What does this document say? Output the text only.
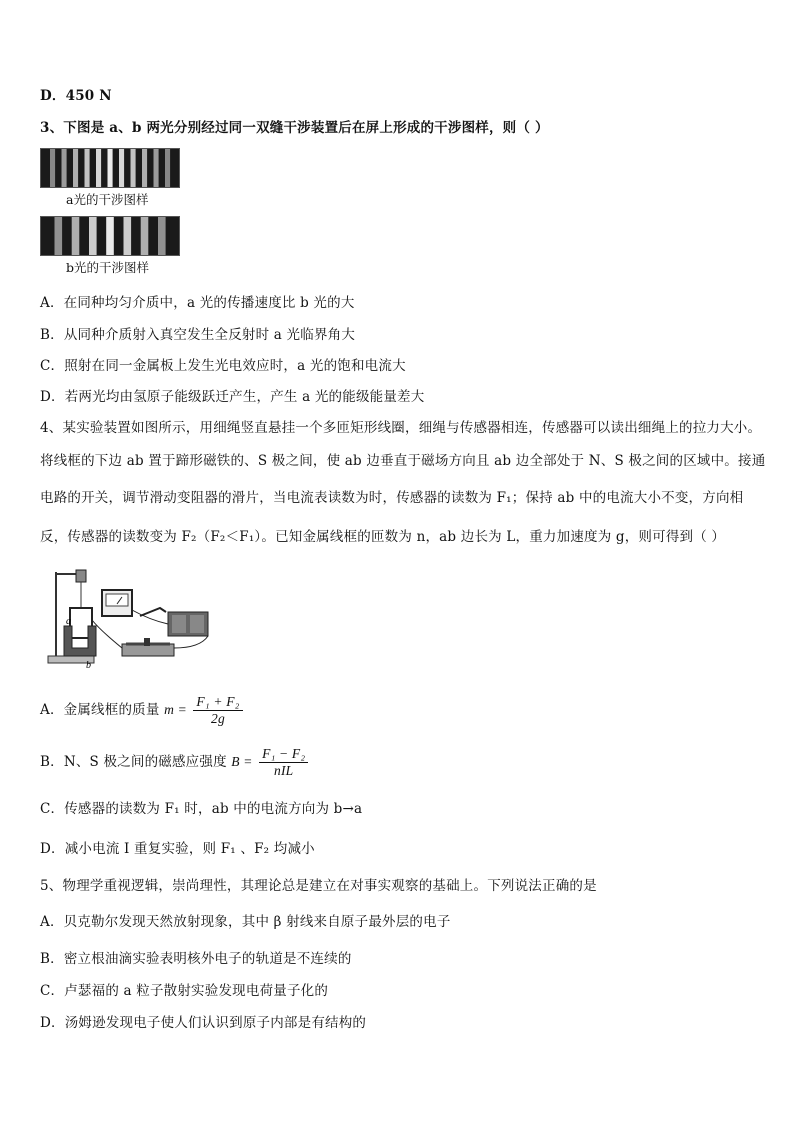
D．450 N
3、下图是 a、b 两光分别经过同一双缝干涉装置后在屏上形成的干涉图样，则（ ）
a光的干涉图样
b光的干涉图样
A．在同种均匀介质中，a 光的传播速度比 b 光的大
B．从同种介质射入真空发生全反射时 a 光临界角大
C．照射在同一金属板上发生光电效应时，a 光的饱和电流大
D．若两光均由氢原子能级跃迁产生，产生 a 光的能级能量差大
4、某实验装置如图所示，用细绳竖直悬挂一个多匝矩形线圈，细绳与传感器相连，传感器可以读出细绳上的拉力大小。
将线框的下边 ab 置于蹄形磁铁的、S 极之间，使 ab 边垂直于磁场方向且 ab 边全部处于 N、S 极之间的区域中。接通
电路的开关，调节滑动变阻器的滑片，当电流表读数为时，传感器的读数为 F₁；保持 ab 中的电流大小不变，方向相
反，传感器的读数变为 F₂（F₂＜F₁）。已知金属线框的匝数为 n，ab 边长为 L，重力加速度为 g，则可得到（ ）
a
b
A．金属线框的质量 $m = \frac{\text{F₁ + F₂}}{2g}$
B．N、S 极之间的磁感应强度 $B = \frac{\text{F₁ − F₂}}{\text{nIL}}$
C．传感器的读数为 F₁ 时，ab 中的电流方向为 b→a
D．减小电流 I 重复实验，则 F₁ 、F₂ 均减小
5、物理学重视逻辑，崇尚理性，其理论总是建立在对事实观察的基础上。下列说法正确的是
A．贝克勒尔发现天然放射现象，其中 β 射线来自原子最外层的电子
B．密立根油滴实验表明核外电子的轨道是不连续的
C．卢瑟福的 a 粒子散射实验发现电荷量子化的
D．汤姆逊发现电子使人们认识到原子内部是有结构的
